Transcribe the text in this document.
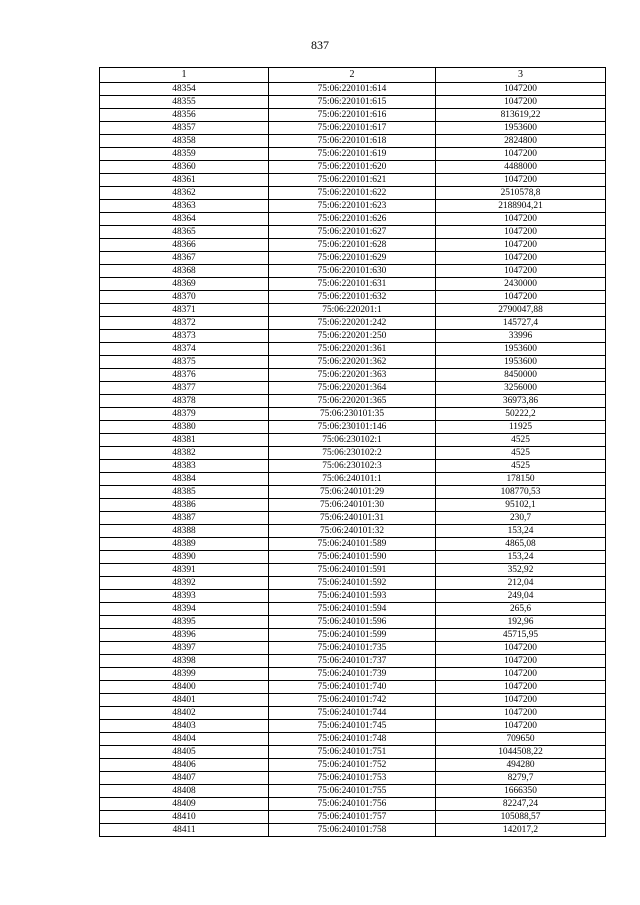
837
1	2	3
48354	75:06:220101:614	1047200
48355	75:06:220101:615	1047200
48356	75:06:220101:616	813619,22
48357	75:06:220101:617	1953600
48358	75:06:220101:618	2824800
48359	75:06:220101:619	1047200
48360	75:06:220101:620	4488000
48361	75:06:220101:621	1047200
48362	75:06:220101:622	2510578,8
48363	75:06:220101:623	2188904,21
48364	75:06:220101:626	1047200
48365	75:06:220101:627	1047200
48366	75:06:220101:628	1047200
48367	75:06:220101:629	1047200
48368	75:06:220101:630	1047200
48369	75:06:220101:631	2430000
48370	75:06:220101:632	1047200
48371	75:06:220201:1	2790047,88
48372	75:06:220201:242	145727,4
48373	75:06:220201:250	33996
48374	75:06:220201:361	1953600
48375	75:06:220201:362	1953600
48376	75:06:220201:363	8450000
48377	75:06:220201:364	3256000
48378	75:06:220201:365	36973,86
48379	75:06:230101:35	50222,2
48380	75:06:230101:146	11925
48381	75:06:230102:1	4525
48382	75:06:230102:2	4525
48383	75:06:230102:3	4525
48384	75:06:240101:1	178150
48385	75:06:240101:29	108770,53
48386	75:06:240101:30	95102,1
48387	75:06:240101:31	230,7
48388	75:06:240101:32	153,24
48389	75:06:240101:589	4865,08
48390	75:06:240101:590	153,24
48391	75:06:240101:591	352,92
48392	75:06:240101:592	212,04
48393	75:06:240101:593	249,04
48394	75:06:240101:594	265,6
48395	75:06:240101:596	192,96
48396	75:06:240101:599	45715,95
48397	75:06:240101:735	1047200
48398	75:06:240101:737	1047200
48399	75:06:240101:739	1047200
48400	75:06:240101:740	1047200
48401	75:06:240101:742	1047200
48402	75:06:240101:744	1047200
48403	75:06:240101:745	1047200
48404	75:06:240101:748	709650
48405	75:06:240101:751	1044508,22
48406	75:06:240101:752	494280
48407	75:06:240101:753	8279,7
48408	75:06:240101:755	1666350
48409	75:06:240101:756	82247,24
48410	75:06:240101:757	105088,57
48411	75:06:240101:758	142017,2
